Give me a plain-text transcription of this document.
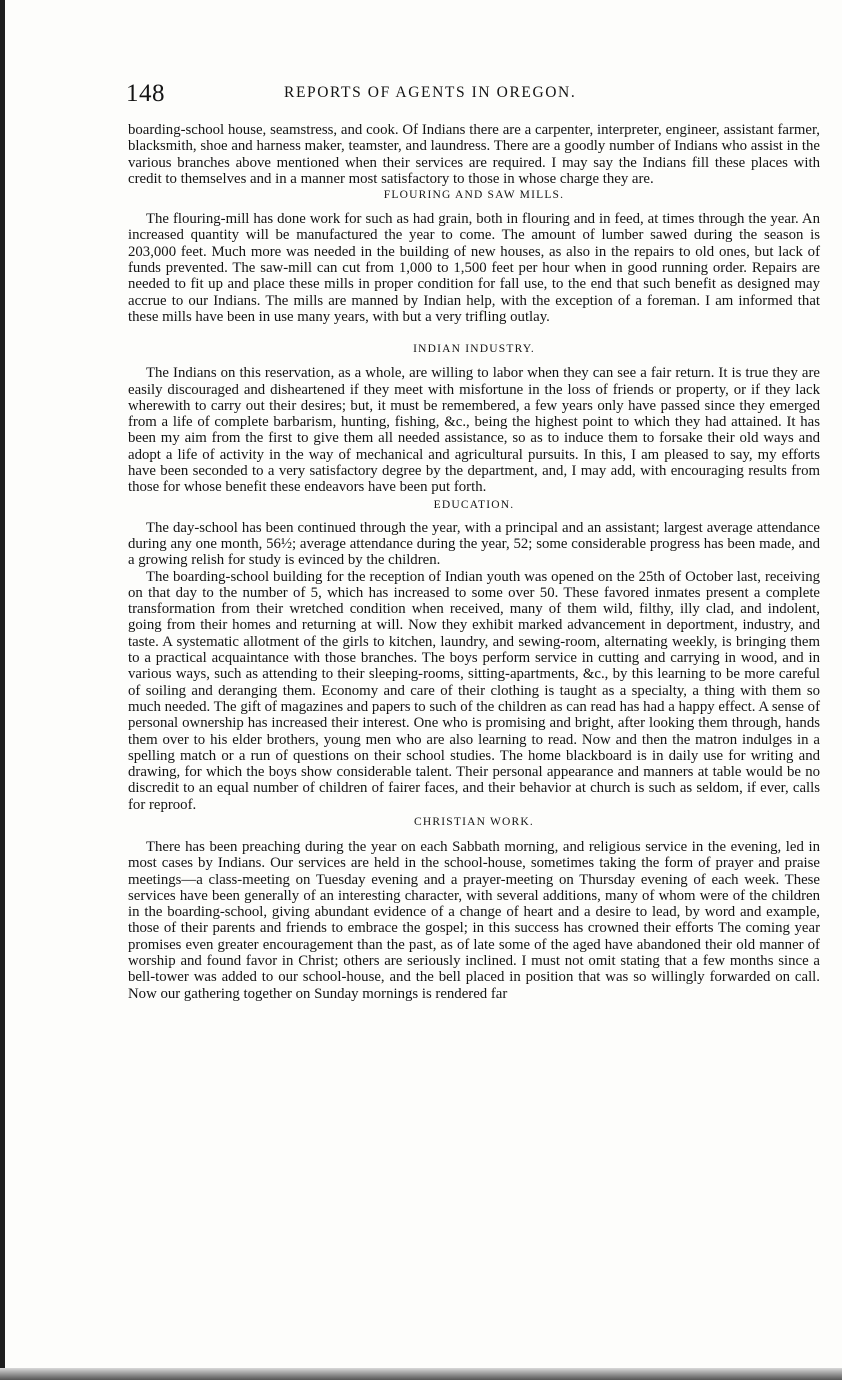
148	REPORTS OF AGENTS IN OREGON.

boarding-school house, seamstress, and cook. Of Indians there are a carpenter, interpreter, engineer, assistant farmer, blacksmith, shoe and harness maker, teamster, and laundress. There are a goodly number of Indians who assist in the various branches above mentioned when their services are required. I may say the Indians fill these places with credit to themselves and in a manner most satisfactory to those in whose charge they are.

FLOURING AND SAW MILLS.

The flouring-mill has done work for such as had grain, both in flouring and in feed, at times through the year. An increased quantity will be manufactured the year to come. The amount of lumber sawed during the season is 203,000 feet. Much more was needed in the building of new houses, as also in the repairs to old ones, but lack of funds prevented. The saw-mill can cut from 1,000 to 1,500 feet per hour when in good running order. Repairs are needed to fit up and place these mills in proper condition for fall use, to the end that such benefit as designed may accrue to our Indians. The mills are manned by Indian help, with the exception of a foreman. I am informed that these mills have been in use many years, with but a very trifling outlay.

INDIAN INDUSTRY.

The Indians on this reservation, as a whole, are willing to labor when they can see a fair return. It is true they are easily discouraged and disheartened if they meet with misfortune in the loss of friends or property, or if they lack wherewith to carry out their desires; but, it must be remembered, a few years only have passed since they emerged from a life of complete barbarism, hunting, fishing, &c., being the highest point to which they had attained. It has been my aim from the first to give them all needed assistance, so as to induce them to forsake their old ways and adopt a life of activity in the way of mechanical and agricultural pursuits. In this, I am pleased to say, my efforts have been seconded to a very satisfactory degree by the department, and, I may add, with encouraging results from those for whose benefit these endeavors have been put forth.

EDUCATION.

The day-school has been continued through the year, with a principal and an assistant; largest average attendance during any one month, 56½; average attendance during the year, 52; some considerable progress has been made, and a growing relish for study is evinced by the children.

The boarding-school building for the reception of Indian youth was opened on the 25th of October last, receiving on that day to the number of 5, which has increased to some over 50. These favored inmates present a complete transformation from their wretched condition when received, many of them wild, filthy, illy clad, and indolent, going from their homes and returning at will. Now they exhibit marked advancement in deportment, industry, and taste. A systematic allotment of the girls to kitchen, laundry, and sewing-room, alternating weekly, is bringing them to a practical acquaintance with those branches. The boys perform service in cutting and carrying in wood, and in various ways, such as attending to their sleeping-rooms, sitting-apartments, &c., by this learning to be more careful of soiling and deranging them. Economy and care of their clothing is taught as a specialty, a thing with them so much needed. The gift of magazines and papers to such of the children as can read has had a happy effect. A sense of personal ownership has increased their interest. One who is promising and bright, after looking them through, hands them over to his elder brothers, young men who are also learning to read. Now and then the matron indulges in a spelling match or a run of questions on their school studies. The home blackboard is in daily use for writing and drawing, for which the boys show considerable talent. Their personal appearance and manners at table would be no discredit to an equal number of children of fairer faces, and their behavior at church is such as seldom, if ever, calls for reproof.

CHRISTIAN WORK.

There has been preaching during the year on each Sabbath morning, and religious service in the evening, led in most cases by Indians. Our services are held in the school-house, sometimes taking the form of prayer and praise meetings—a class-meeting on Tuesday evening and a prayer-meeting on Thursday evening of each week. These services have been generally of an interesting character, with several additions, many of whom were of the children in the boarding-school, giving abundant evidence of a change of heart and a desire to lead, by word and example, those of their parents and friends to embrace the gospel; in this success has crowned their efforts The coming year promises even greater encouragement than the past, as of late some of the aged have abandoned their old manner of worship and found favor in Christ; others are seriously inclined. I must not omit stating that a few months since a bell-tower was added to our school-house, and the bell placed in position that was so willingly forwarded on call. Now our gathering together on Sunday mornings is rendered far
